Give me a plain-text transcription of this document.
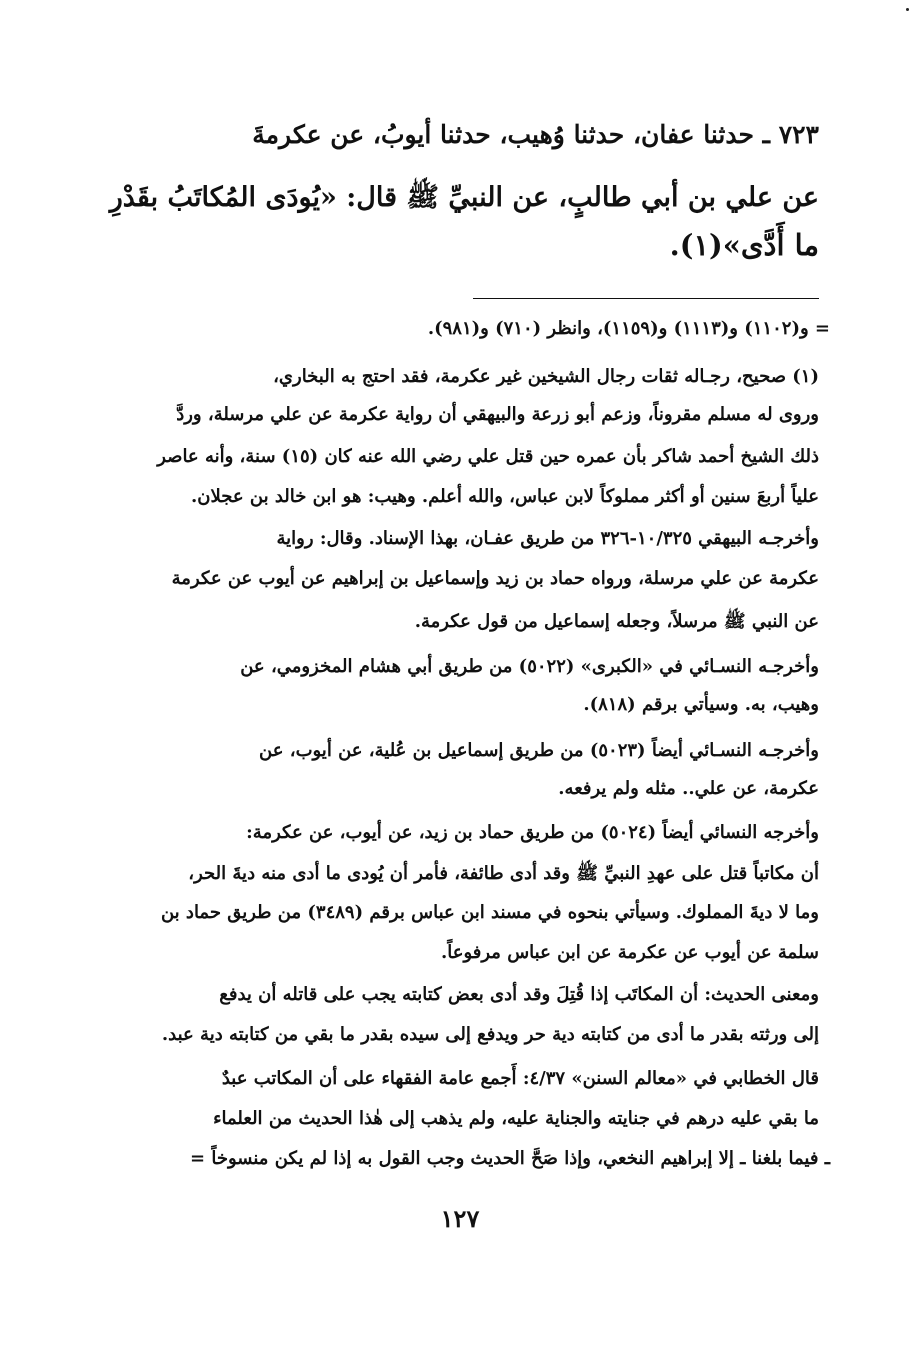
٧٢٣ ـ حدثنا عفان، حدثنا وُهيب، حدثنا أيوبُ، عن عكرمةَ
عن علي بن أبي طالبٍ، عن النبيِّ ﷺ قال: «يُودَى المُكاتَبُ بقَدْرِ
ما أَدَّى»(١).
= و(١١٠٢) و(١١١٣) و(١١٥٩)، وانظر (٧١٠) و(٩٨١).
(١) صحيح، رجـاله ثقات رجال الشيخين غير عكرمة، فقد احتج به البخاري،
وروى له مسلم مقروناً، وزعم أبو زرعة والبيهقي أن رواية عكرمة عن علي مرسلة، وردَّ
ذلك الشيخ أحمد شاكر بأن عمره حين قتل علي رضي الله عنه كان (١٥) سنة، وأنه عاصر
علياً أربعَ سنين أو أكثر مملوكاً لابن عباس، والله أعلم. وهيب: هو ابن خالد بن عجلان.
وأخرجـه البيهقي ١٠/٣٢٥-٣٢٦ من طريق عفـان، بهذا الإسناد. وقال: رواية
عكرمة عن علي مرسلة، ورواه حماد بن زيد وإسماعيل بن إبراهيم عن أيوب عن عكرمة
عن النبي ﷺ مرسلاً، وجعله إسماعيل من قول عكرمة.
وأخرجـه النسـائي في «الكبرى» (٥٠٢٢) من طريق أبي هشام المخزومي، عن
وهيب، به. وسيأتي برقم (٨١٨).
وأخرجـه النسـائي أيضاً (٥٠٢٣) من طريق إسماعيل بن عُلية، عن أيوب، عن
عكرمة، عن علي.. مثله ولم يرفعه.
وأخرجه النسائي أيضاً (٥٠٢٤) من طريق حماد بن زيد، عن أيوب، عن عكرمة:
أن مكاتباً قتل على عهدِ النبيِّ ﷺ وقد أدى طائفة، فأمر أن يُودى ما أدى منه ديةَ الحر،
وما لا ديةَ المملوك. وسيأتي بنحوه في مسند ابن عباس برقم (٣٤٨٩) من طريق حماد بن
سلمة عن أيوب عن عكرمة عن ابن عباس مرفوعاً.
ومعنى الحديث: أن المكاتَب إذا قُتِلَ وقد أدى بعض كتابته يجب على قاتله أن يدفع
إلى ورثته بقدر ما أدى من كتابته دية حر ويدفع إلى سيده بقدر ما بقي من كتابته دية عبد.
قال الخطابي في «معالم السنن» ٤/٣٧: أَجمع عامة الفقهاء على أن المكاتب عبدٌ
ما بقي عليه درهم في جنايته والجناية عليه، ولم يذهب إلى هٰذا الحديث من العلماء
ـ فيما بلغنا ـ إلا إبراهيم النخعي، وإذا صَحَّ الحديث وجب القول به إذا لم يكن منسوخاً =
١٢٧
